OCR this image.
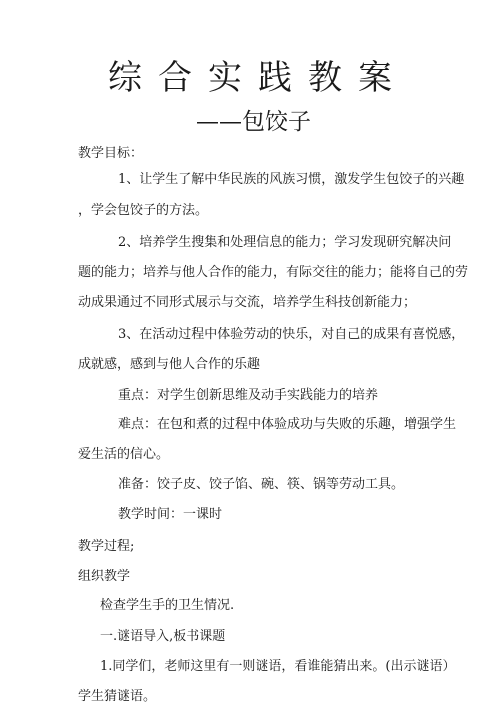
综合实践教案
——包饺子
教学目标：
1、让学生了解中华民族的风族习惯，激发学生包饺子的兴趣
，学会包饺子的方法。
2、培养学生搜集和处理信息的能力；学习发现研究解决问
题的能力；培养与他人合作的能力，有际交往的能力；能将自己的劳
动成果通过不同形式展示与交流，培养学生科技创新能力；
3、在活动过程中体验劳动的快乐，对自己的成果有喜悦感，
成就感，感到与他人合作的乐趣
重点：对学生创新思维及动手实践能力的培养
难点：在包和煮的过程中体验成功与失败的乐趣，增强学生
爱生活的信心。
准备：饺子皮、饺子馅、碗、筷、锅等劳动工具。
教学时间：一课时
教学过程;
组织教学
检查学生手的卫生情况.
一.谜语导入,板书课题
1.同学们，老师这里有一则谜语，看谁能猜出来。(出示谜语）
学生猜谜语。
